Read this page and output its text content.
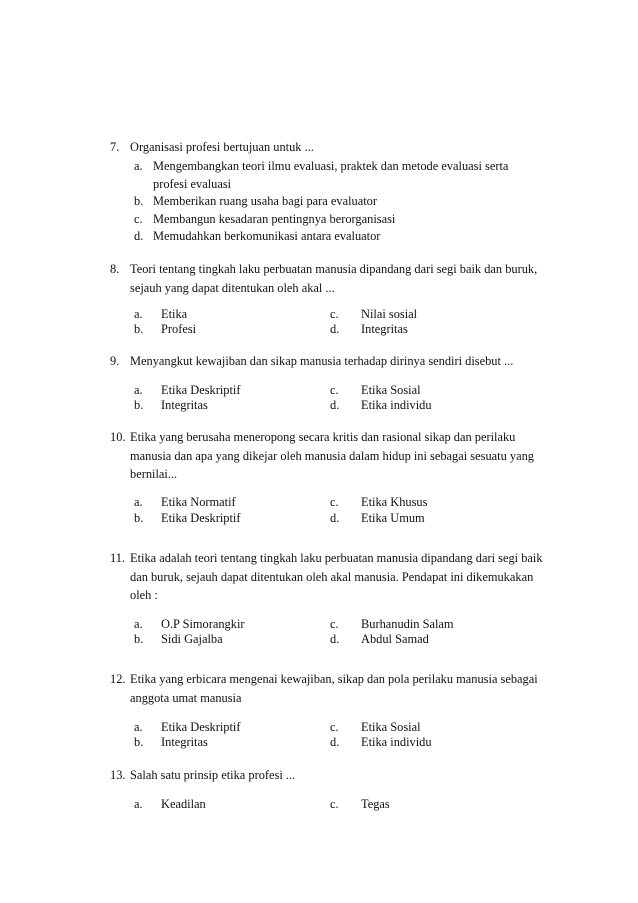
7. Organisasi profesi bertujuan untuk ...
a. Mengembangkan teori ilmu evaluasi, praktek dan metode evaluasi serta
profesi evaluasi
b. Memberikan ruang usaha bagi para evaluator
c. Membangun kesadaran pentingnya berorganisasi
d. Memudahkan berkomunikasi antara evaluator
8. Teori tentang tingkah laku perbuatan manusia dipandang dari segi baik dan buruk,
sejauh yang dapat ditentukan oleh akal ...
a. Etika	c. Nilai sosial
b. Profesi	d. Integritas
9. Menyangkut kewajiban dan sikap manusia terhadap dirinya sendiri disebut ...
a. Etika Deskriptif	c. Etika Sosial
b. Integritas	d. Etika individu
10. Etika yang berusaha meneropong secara kritis dan rasional sikap dan perilaku
manusia dan apa yang dikejar oleh manusia dalam hidup ini sebagai sesuatu yang
bernilai...
a. Etika Normatif	c. Etika Khusus
b. Etika Deskriptif	d. Etika Umum
11. Etika adalah teori tentang tingkah laku perbuatan manusia dipandang dari segi baik
dan buruk, sejauh dapat ditentukan oleh akal manusia. Pendapat ini dikemukakan
oleh :
a. O.P Simorangkir	c. Burhanudin Salam
b. Sidi Gajalba	d. Abdul Samad
12. Etika yang erbicara mengenai kewajiban, sikap dan pola perilaku manusia sebagai
anggota umat manusia
a. Etika Deskriptif	c. Etika Sosial
b. Integritas	d. Etika individu
13. Salah satu prinsip etika profesi ...
a. Keadilan	c. Tegas
